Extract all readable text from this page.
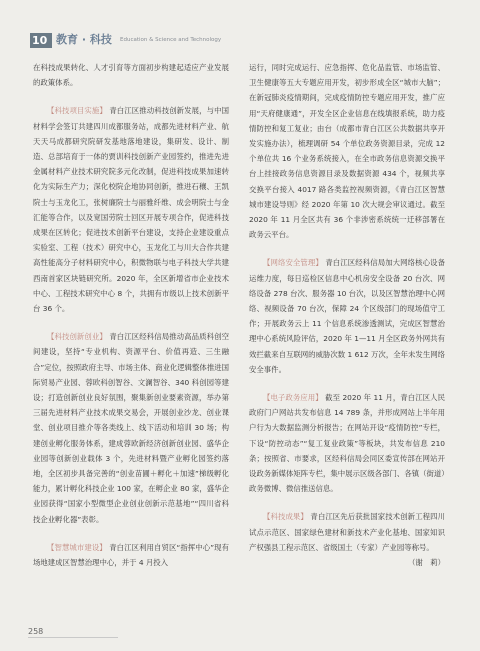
10 教育 · 科技 Education & Science and Technology

在科技成果转化、人才引育等方面初步构建起适应产业发展的政策体系。

【科技项目实施】 青白江区推动科技创新发展，与中国材料学会签订共建四川成都服务站，成都先进材料产业、航天天马成都研究院研发基地落地建设，集研发、设计、制造、总部培育于一体的贾训科技创新产业园签约，推进先进金属材料产业技术研究院多元化改制，促进科技成果加速转化为实际生产力；深化校院企地协同创新，推进石穰、王凯院士与玉龙化工，张树廉院士与丽雅纤维、成会明院士与金汇能等合作，以及宽国劳院士回区开展专项合作，促进科技成果在区转化；促进技术创新平台建设，支持企业建设重点实验室、工程（技术）研究中心，玉龙化工与川大合作共建高性能高分子材料研究中心，积微物联与电子科技大学共建西南首家区块链研究所。2020 年，全区新增省市企业技术中心、工程技术研究中心 8 个，共拥有市级以上技术创新平台 36 个。

【科技创新创业】 青白江区经科信局推动高品质科创空间建设，坚持“专业机构、资源平台、价值再造、三生融合”定位，按照政府主导、市场主体、商业化逻辑整体推进国际贸易产业园、蓉欧科创智谷、文澜智谷、340 科创园等建设；打造创新创业良好氛围，聚集新创业要素资源，举办第三届先进材料产业技术成果交易会，开展创业沙龙、创业课堂、创业项目推介等各类线上、线下活动和培训 30 场；构建创业孵化服务体系，建成蓉欧新经济创新创业园、盛华企业园等创新创业载体 3 个，先进材料暨产业孵化园签约落地，全区初步具备完善的“创业苗圃＋孵化＋加速”梯级孵化能力，累计孵化科技企业 100 家，在孵企业 80 家，盛华企业园获得“国家小型微型企业创业创新示范基地”“四川省科技企业孵化器”表彰。

【智慧城市建设】 青白江区利用自贸区“指挥中心”现有场地建成区智慧治理中心，并于 4 月投入

运行，同时完成运行、应急指挥、危化品监管、市场监管、卫生健康等五大专题应用开发，初步形成全区“城市大脑”；在新冠肺炎疫情期间，完成疫情防控专题应用开发，推广应用“天府健康通”，开发全区企业信息在线填报系统，助力疫情防控和复工复业；由台（成都市青白江区公共数据共享开发实施办法），梳理调研 54 个单位政务资源目录，完成 12 个单位共 16 个业务系统接入，在全市政务信息资源交换平台上挂接政务信息资源目录及数据资源 434 个，视频共享交换平台接入 4017 路各类监控视频资源，《青白江区智慧城市建设导则》经 2020 年第 10 次大规会审议通过。截至 2020 年 11 月全区共有 36 个非涉密系统统一迁移部署在政务云平台。

【网络安全管理】 青白江区经科信局加大网络核心设备运维力度，每日巡检区信息中心机房安全设备 20 台次、网络设备 278 台次、服务器 10 台次，以及区智慧治理中心网络、视频设备 70 台次，保障 24 个区级部门的现场值守工作；开展政务云上 11 个信息系统渗透测试，完成区智慧治理中心系统风险评估，2020 年 1—11 月全区政务外网共有效拦截来自互联网的威胁次数 1 612 万次，全年未发生网络安全事件。

【电子政务应用】 截至 2020 年 11 月，青白江区人民政府门户网站共发布信息 14 789 条，并形成网站上半年用户行为大数据监测分析报告；在网站开设“疫情防控”专栏，下设“防控动态”“复工复业政策”等板块，共发布信息 210 条；按照省、市要求，区经科信局会同区委宣传部在网站开设政务新媒体矩阵专栏，集中展示区级各部门、各镇（街道）政务微博、微信推送信息。

【科技成果】 青白江区先后获批国家技术创新工程四川试点示范区、国家绿色建材和新技术产业化基地、国家知识产权强县工程示范区、省级国土（专家）产业园等称号。
（谢　莉）

258
